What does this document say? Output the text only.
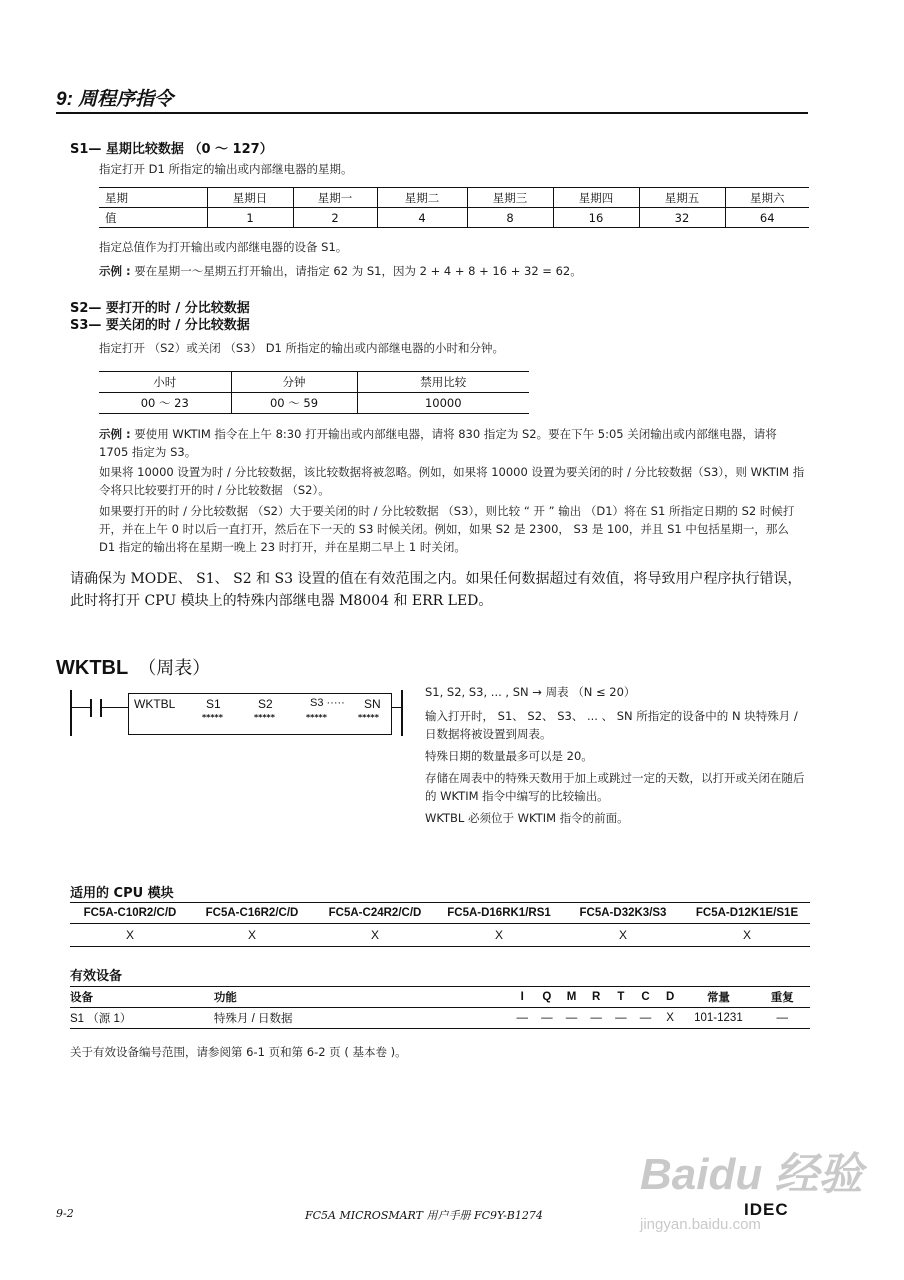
9: 周程序指令
S1— 星期比较数据 （0 ～ 127）
指定打开 D1 所指定的输出或内部继电器的星期。
星期	星期日	星期一	星期二	星期三	星期四	星期五	星期六
值	1	2	4	8	16	32	64
指定总值作为打开输出或内部继电器的设备 S1。
示例 : 要在星期一～星期五打开输出，请指定 62 为 S1，因为 2 + 4 + 8 + 16 + 32 = 62。
S2— 要打开的时 / 分比较数据
S3— 要关闭的时 / 分比较数据
指定打开 （S2）或关闭 （S3） D1 所指定的输出或内部继电器的小时和分钟。
小时	分钟	禁用比较
00 ～ 23	00 ～ 59	10000
示例 : 要使用 WKTIM 指令在上午 8:30 打开输出或内部继电器，请将 830 指定为 S2。要在下午 5:05 关闭输出或内部继电器，请将 1705 指定为 S3。
如果将 10000 设置为时 / 分比较数据，该比较数据将被忽略。例如，如果将 10000 设置为要关闭的时 / 分比较数据（S3），则 WKTIM 指令将只比较要打开的时 / 分比较数据 （S2）。
如果要打开的时 / 分比较数据 （S2）大于要关闭的时 / 分比较数据 （S3），则比较 “ 开 ” 输出 （D1）将在 S1 所指定日期的 S2 时候打开，并在上午 0 时以后一直打开，然后在下一天的 S3 时候关闭。例如，如果 S2 是 2300， S3 是 100，并且 S1 中包括星期一，那么 D1 指定的输出将在星期一晚上 23 时打开，并在星期二早上 1 时关闭。
请确保为 MODE、 S1、 S2 和 S3 设置的值在有效范围之内。如果任何数据超过有效值，将导致用户程序执行错误，此时将打开 CPU 模块上的特殊内部继电器 M8004 和 ERR LED。
WKTBL （周表）
WKTBL	S1	S2	S3 ····· SN
*****	*****	*****	*****
S1, S2, S3, ... , SN → 周表 （N ≤ 20）
输入打开时， S1、 S2、 S3、 ... 、 SN 所指定的设备中的 N 块特殊月 / 日数据将被设置到周表。
特殊日期的数量最多可以是 20。
存储在周表中的特殊天数用于加上或跳过一定的天数，以打开或关闭在随后的 WKTIM 指令中编写的比较输出。
WKTBL 必须位于 WKTIM 指令的前面。
适用的 CPU 模块
FC5A-C10R2/C/D	FC5A-C16R2/C/D	FC5A-C24R2/C/D	FC5A-D16RK1/RS1	FC5A-D32K3/S3	FC5A-D12K1E/S1E
X	X	X	X	X	X
有效设备
设备	功能	I	Q	M	R	T	C	D	常量	重复
S1 （源 1）	特殊月 / 日数据	—	—	—	—	—	—	X	101-1231	—
关于有效设备编号范围，请参阅第 6-1 页和第 6-2 页 ( 基本卷 )。
Baidu 经验
jingyan.baidu.com
9-2	FC5A MICROSMART 用户手册 FC9Y-B1274	IDEC
